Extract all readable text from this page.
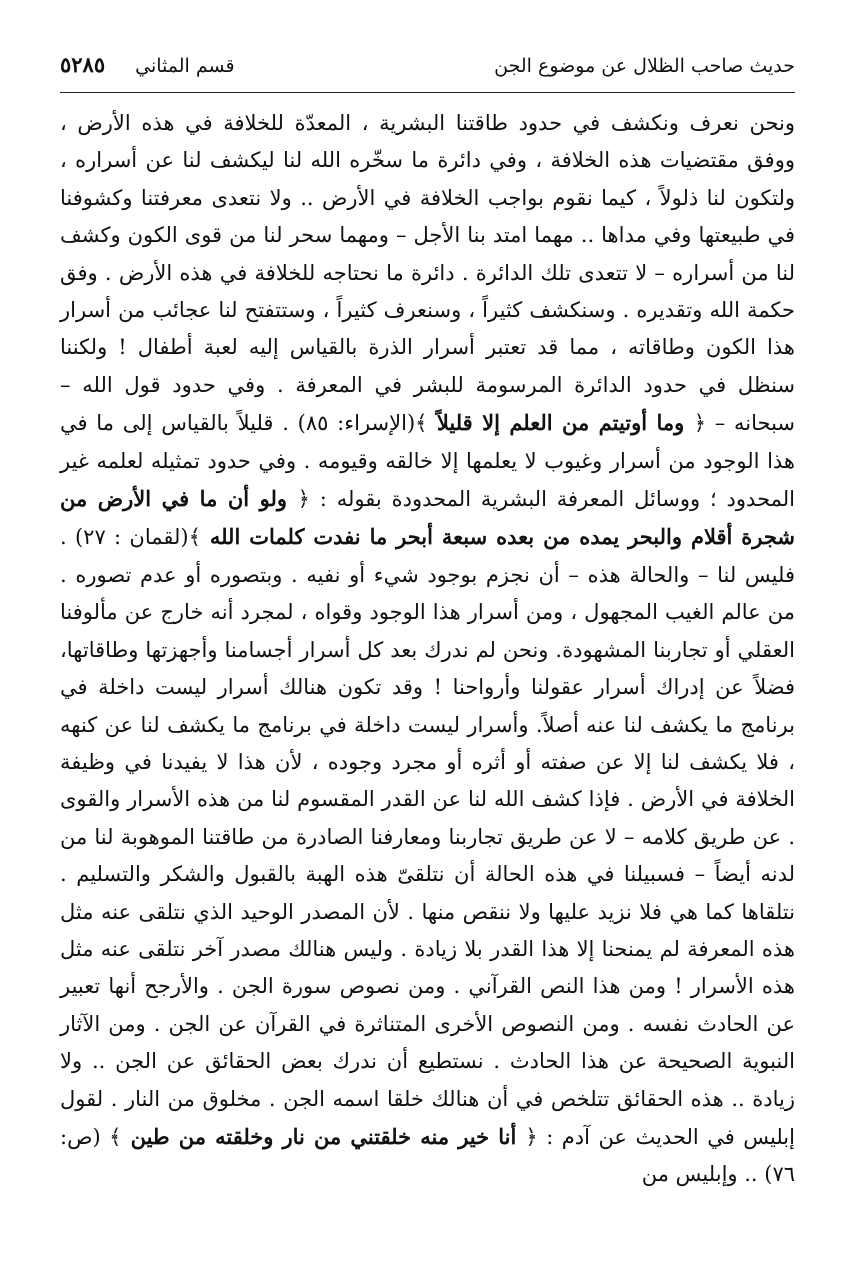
حديث صاحب الظلال عن موضوع الجن
قسم المثاني
٥٢٨٥

ونحن نعرف ونكشف في حدود طاقتنا البشرية ، المعدّة للخلافة في هذه الأرض ، ووفق مقتضيات هذه الخلافة ، وفي دائرة ما سخّره الله لنا ليكشف لنا عن أسراره ، ولتكون لنا ذلولاً ، كيما نقوم بواجب الخلافة في الأرض .. ولا نتعدى معرفتنا وكشوفنا في طبيعتها وفي مداها .. مهما امتد بنا الأجل – ومهما سحر لنا من قوى الكون وكشف لنا من أسراره – لا تتعدى تلك الدائرة . دائرة ما نحتاجه للخلافة في هذه الأرض . وفق حكمة الله وتقديره . وسنكشف كثيراً ، وسنعرف كثيراً ، وستتفتح لنا عجائب من أسرار هذا الكون وطاقاته ، مما قد تعتبر أسرار الذرة بالقياس إليه لعبة أطفال ! ولكننا سنظل في حدود الدائرة المرسومة للبشر في المعرفة . وفي حدود قول الله – سبحانه – ﴿ وما أوتيتم من العلم إلا قليلاً ﴾(الإسراء: ٨٥) . قليلاً بالقياس إلى ما في هذا الوجود من أسرار وغيوب لا يعلمها إلا خالقه وقيومه . وفي حدود تمثيله لعلمه غير المحدود ؛ ووسائل المعرفة البشرية المحدودة بقوله : ﴿ ولو أن ما في الأرض من شجرة أقلام والبحر يمده من بعده سبعة أبحر ما نفدت كلمات الله ﴾(لقمان : ٢٧) . فليس لنا – والحالة هذه – أن نجزم بوجود شيء أو نفيه . وبتصوره أو عدم تصوره . من عالم الغيب المجهول ، ومن أسرار هذا الوجود وقواه ، لمجرد أنه خارج عن مألوفنا العقلي أو تجاربنا المشهودة. ونحن لم ندرك بعد كل أسرار أجسامنا وأجهزتها وطاقاتها، فضلاً عن إدراك أسرار عقولنا وأرواحنا ! وقد تكون هنالك أسرار ليست داخلة في برنامج ما يكشف لنا عنه أصلاً. وأسرار ليست داخلة في برنامج ما يكشف لنا عن كنهه ، فلا يكشف لنا إلا عن صفته أو أثره أو مجرد وجوده ، لأن هذا لا يفيدنا في وظيفة الخلافة في الأرض . فإذا كشف الله لنا عن القدر المقسوم لنا من هذه الأسرار والقوى . عن طريق كلامه – لا عن طريق تجاربنا ومعارفنا الصادرة من طاقتنا الموهوبة لنا من لدنه أيضاً – فسبيلنا في هذه الحالة أن نتلقىّ هذه الهبة بالقبول والشكر والتسليم . نتلقاها كما هي فلا نزيد عليها ولا ننقص منها . لأن المصدر الوحيد الذي نتلقى عنه مثل هذه المعرفة لم يمنحنا إلا هذا القدر بلا زيادة . وليس هنالك مصدر آخر نتلقى عنه مثل هذه الأسرار ! ومن هذا النص القرآني . ومن نصوص سورة الجن . والأرجح أنها تعبير عن الحادث نفسه . ومن النصوص الأخرى المتناثرة في القرآن عن الجن . ومن الآثار النبوية الصحيحة عن هذا الحادث . نستطيع أن ندرك بعض الحقائق عن الجن .. ولا زيادة .. هذه الحقائق تتلخص في أن هنالك خلقا اسمه الجن . مخلوق من النار . لقول إبليس في الحديث عن آدم : ﴿ أنا خير منه خلقتني من نار وخلقته من طين ﴾ (ص: ٧٦) .. وإبليس من
